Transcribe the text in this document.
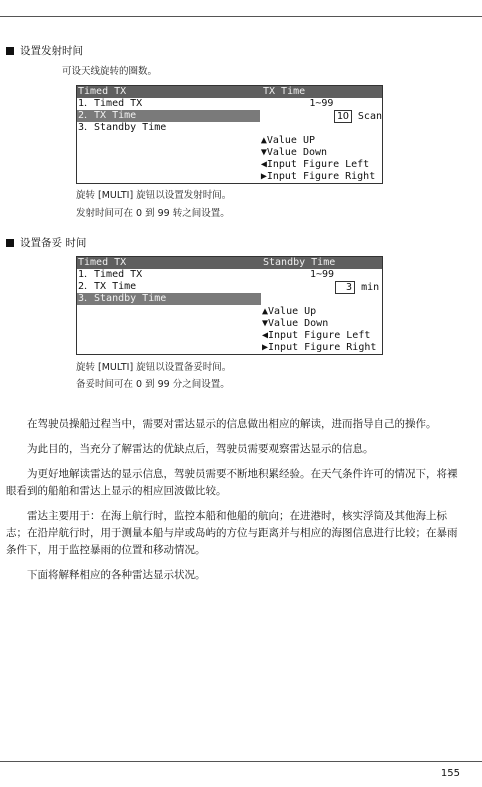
设置发射时间
可设天线旋转的圈数。
Timed TX	TX Time
1．Timed TX
2．TX Time
3．Standby Time
1~99
1O Scan
▲Value UP
▼Value Down
◀Input Figure Left
▶Input Figure Right
旋转 [MULTI] 旋钮以设置发射时间。
发射时间可在 0 到 99 转之间设置。
设置备妥 时间
Timed TX	Standby Time
1．Timed TX
2．TX Time
3．Standby Time
1~99
3 min
▲Value Up
▼Value Down
◀Input Figure Left
▶Input Figure Right
旋转 [MULTI] 旋钮以设置备妥时间。
备妥时间可在 0 到 99 分之间设置。

在驾驶员操船过程当中，需要对雷达显示的信息做出相应的解读，进而指导自己的操作。

为此目的，当充分了解雷达的优缺点后，驾驶员需要观察雷达显示的信息。

为更好地解读雷达的显示信息，驾驶员需要不断地积累经验。在天气条件许可的情况下，将裸眼看到的船舶和雷达上显示的相应回波做比较。

雷达主要用于：在海上航行时，监控本船和他船的航向；在进港时，核实浮筒及其他海上标志；在沿岸航行时，用于测量本船与岸或岛屿的方位与距离并与相应的海图信息进行比较；在暴雨条件下，用于监控暴雨的位置和移动情况。

下面将解释相应的各种雷达显示状况。

155
